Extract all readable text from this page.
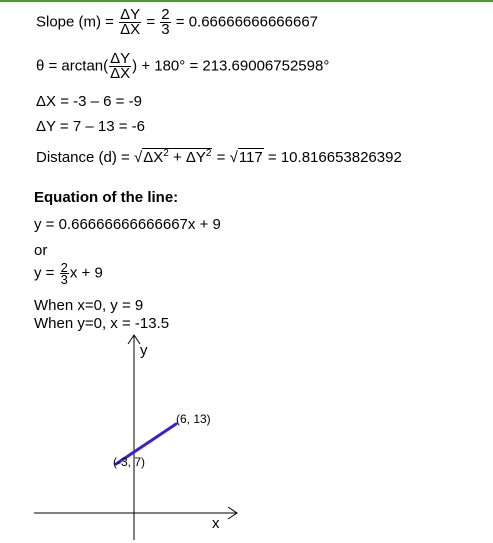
Slope $(m) = \frac{\Delta Y}{\Delta X} = \frac{2}{3} = 0.66666666666667$
$\theta = \arctan( \frac{\Delta Y}{\Delta X}$ ) + 180° = 213.69006752598°
ΔX = -3 – 6 = -9
ΔY = 7 – 13 = -6
Distance $(d) = √\Delta X^2 + \Delta Y^2 = √117 = 10.816653826392$
Equation of the line:
y = 0.66666666666667x + 9
or
$y = \frac{2}{3}$ x + 9
When x=0, y = 9
When y=0, x = -13.5
y
x
(6, 13)
(-3, 7)
